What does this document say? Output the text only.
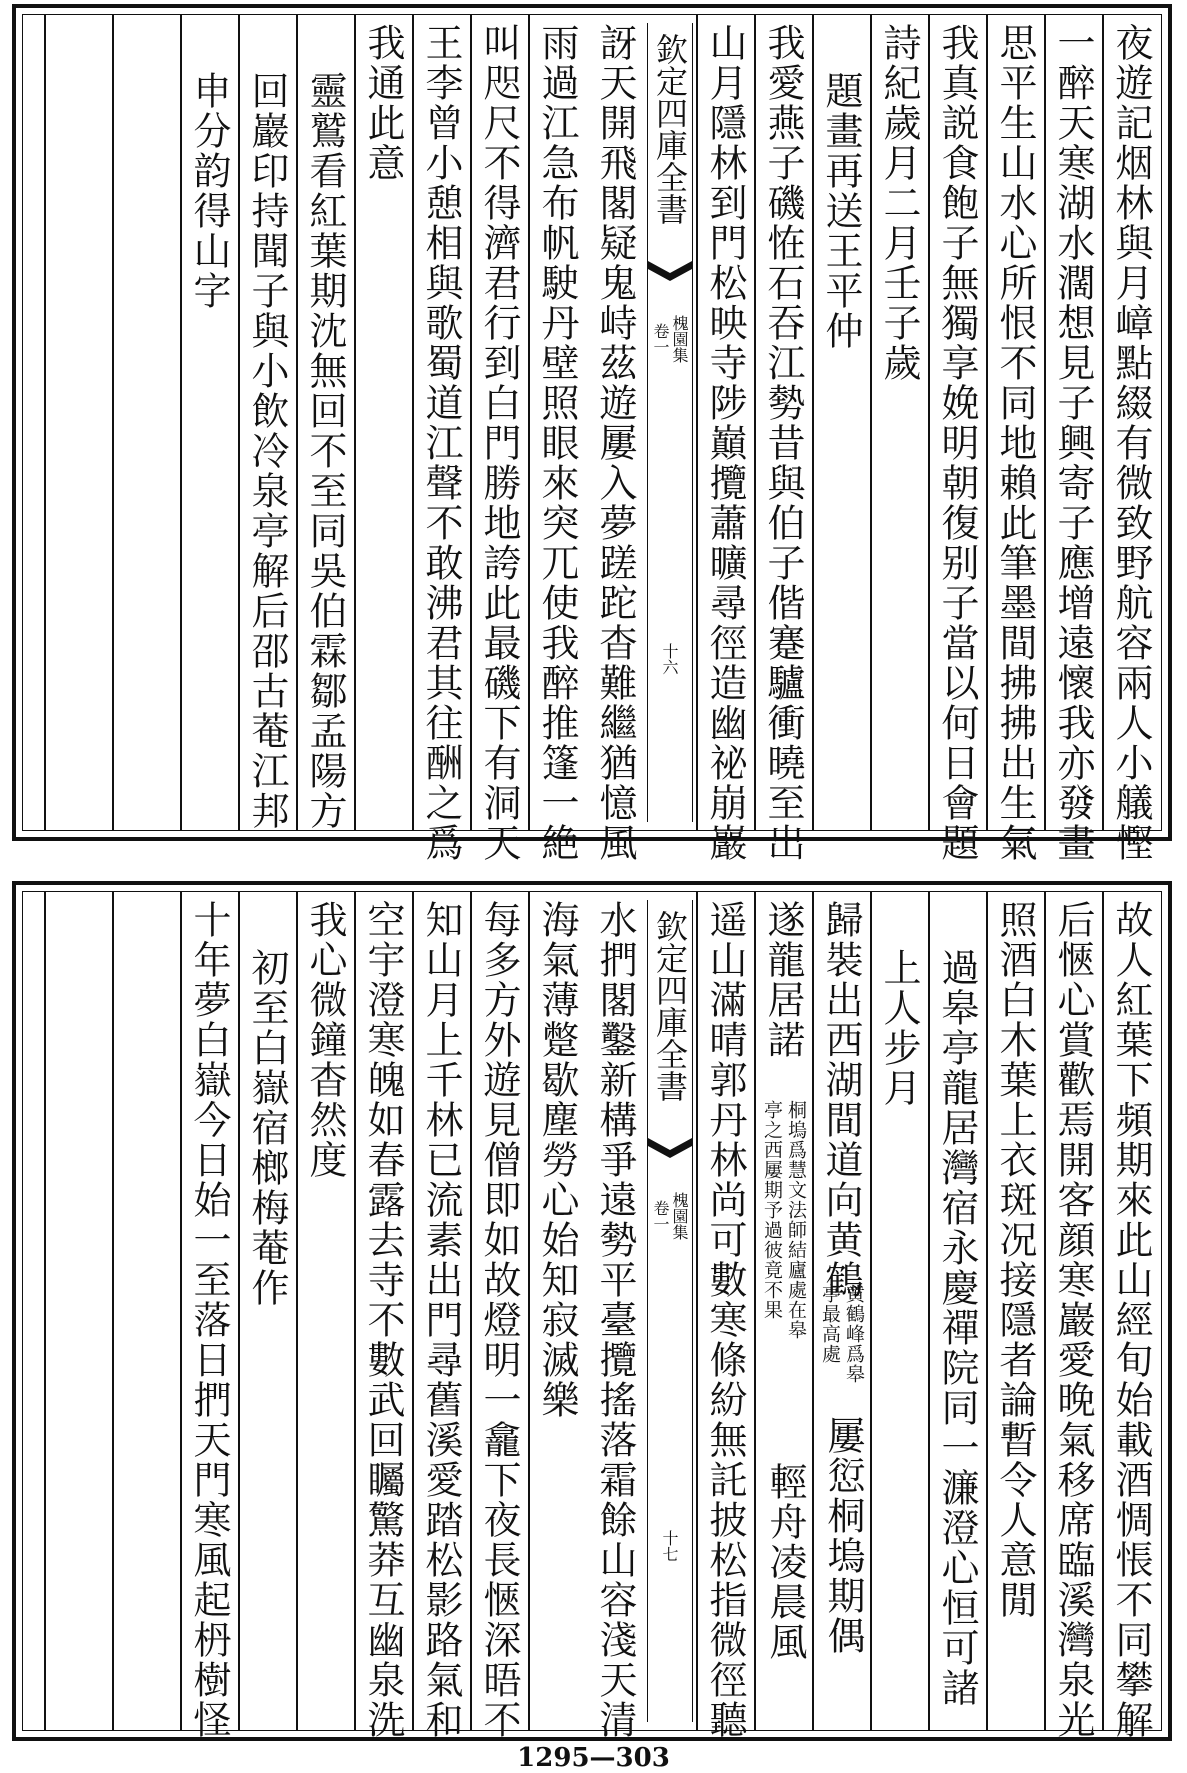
夜遊記烟林與月嶂點綴有微致野航容兩人小艤慳
一醉天寒湖水濶想見子興寄子應增遠懷我亦發畫
思平生山水心所恨不同地賴此筆墨間拂拂出生氣
我真説食飽子無獨享娩明朝復别子當以何日會題
詩紀歲月二月壬子歲
題畫再送王平仲
我愛燕子磯恠石吞江勢昔與伯子偕蹇驢衝曉至出
山月隱林到門松映寺陟巔攬蕭曠尋徑造幽祕崩巖
欽定四庫全書
槐園集
卷一
十六
訝天開飛閣疑鬼峙茲遊屢入夢蹉跎杳難繼猶憶風
雨過江急布帆駛丹壁照眼來突兀使我醉推篷一絶
叫咫尺不得濟君行到白門勝地誇此最磯下有洞天
王李曾小憩相與歌蜀道江聲不敢沸君其往酬之爲
我通此意
靈鷲看紅葉期沈無回不至同吳伯霖鄒孟陽方
回巖印持聞子與小飲冷泉亭解后邵古菴江邦
申分韵得山字
故人紅葉下頻期來此山經旬始載酒惆悵不同攀解
后愜心賞歡焉開客顔寒巖愛晚氣移席臨溪灣泉光
照酒白木葉上衣斑况接隱者論暫令人意閒
過皋亭龍居灣宿永慶禪院同一濂澄心恒可諸
上人步月
歸裝出西湖間道向黄鶴
黄鶴峰爲皋
亭最高處
屢愆桐塢期偶
遂龍居諾
桐塢爲慧文法師結廬處在皋
亭之西屢期予過彼竟不果
輕舟凌晨風
遥山滿晴郭丹林尚可數寒條紛無託披松指微徑聽
欽定四庫全書
槐園集
卷一
十七
水捫閣鑿新構爭遠勢平臺攬搖落霜餘山容淺天清
海氣薄蹩歇塵勞心始知寂滅樂
每多方外遊見僧即如故燈明一龕下夜長愜深晤不
知山月上千林已流素出門尋舊溪愛踏松影路氣和
空宇澄寒魄如春露去寺不數武回矚驚莽互幽泉洗
我心微鐘杳然度
初至白嶽宿榔梅菴作
十年夢白嶽今日始一至落日捫天門寒風起枬樹怪
1295—303
